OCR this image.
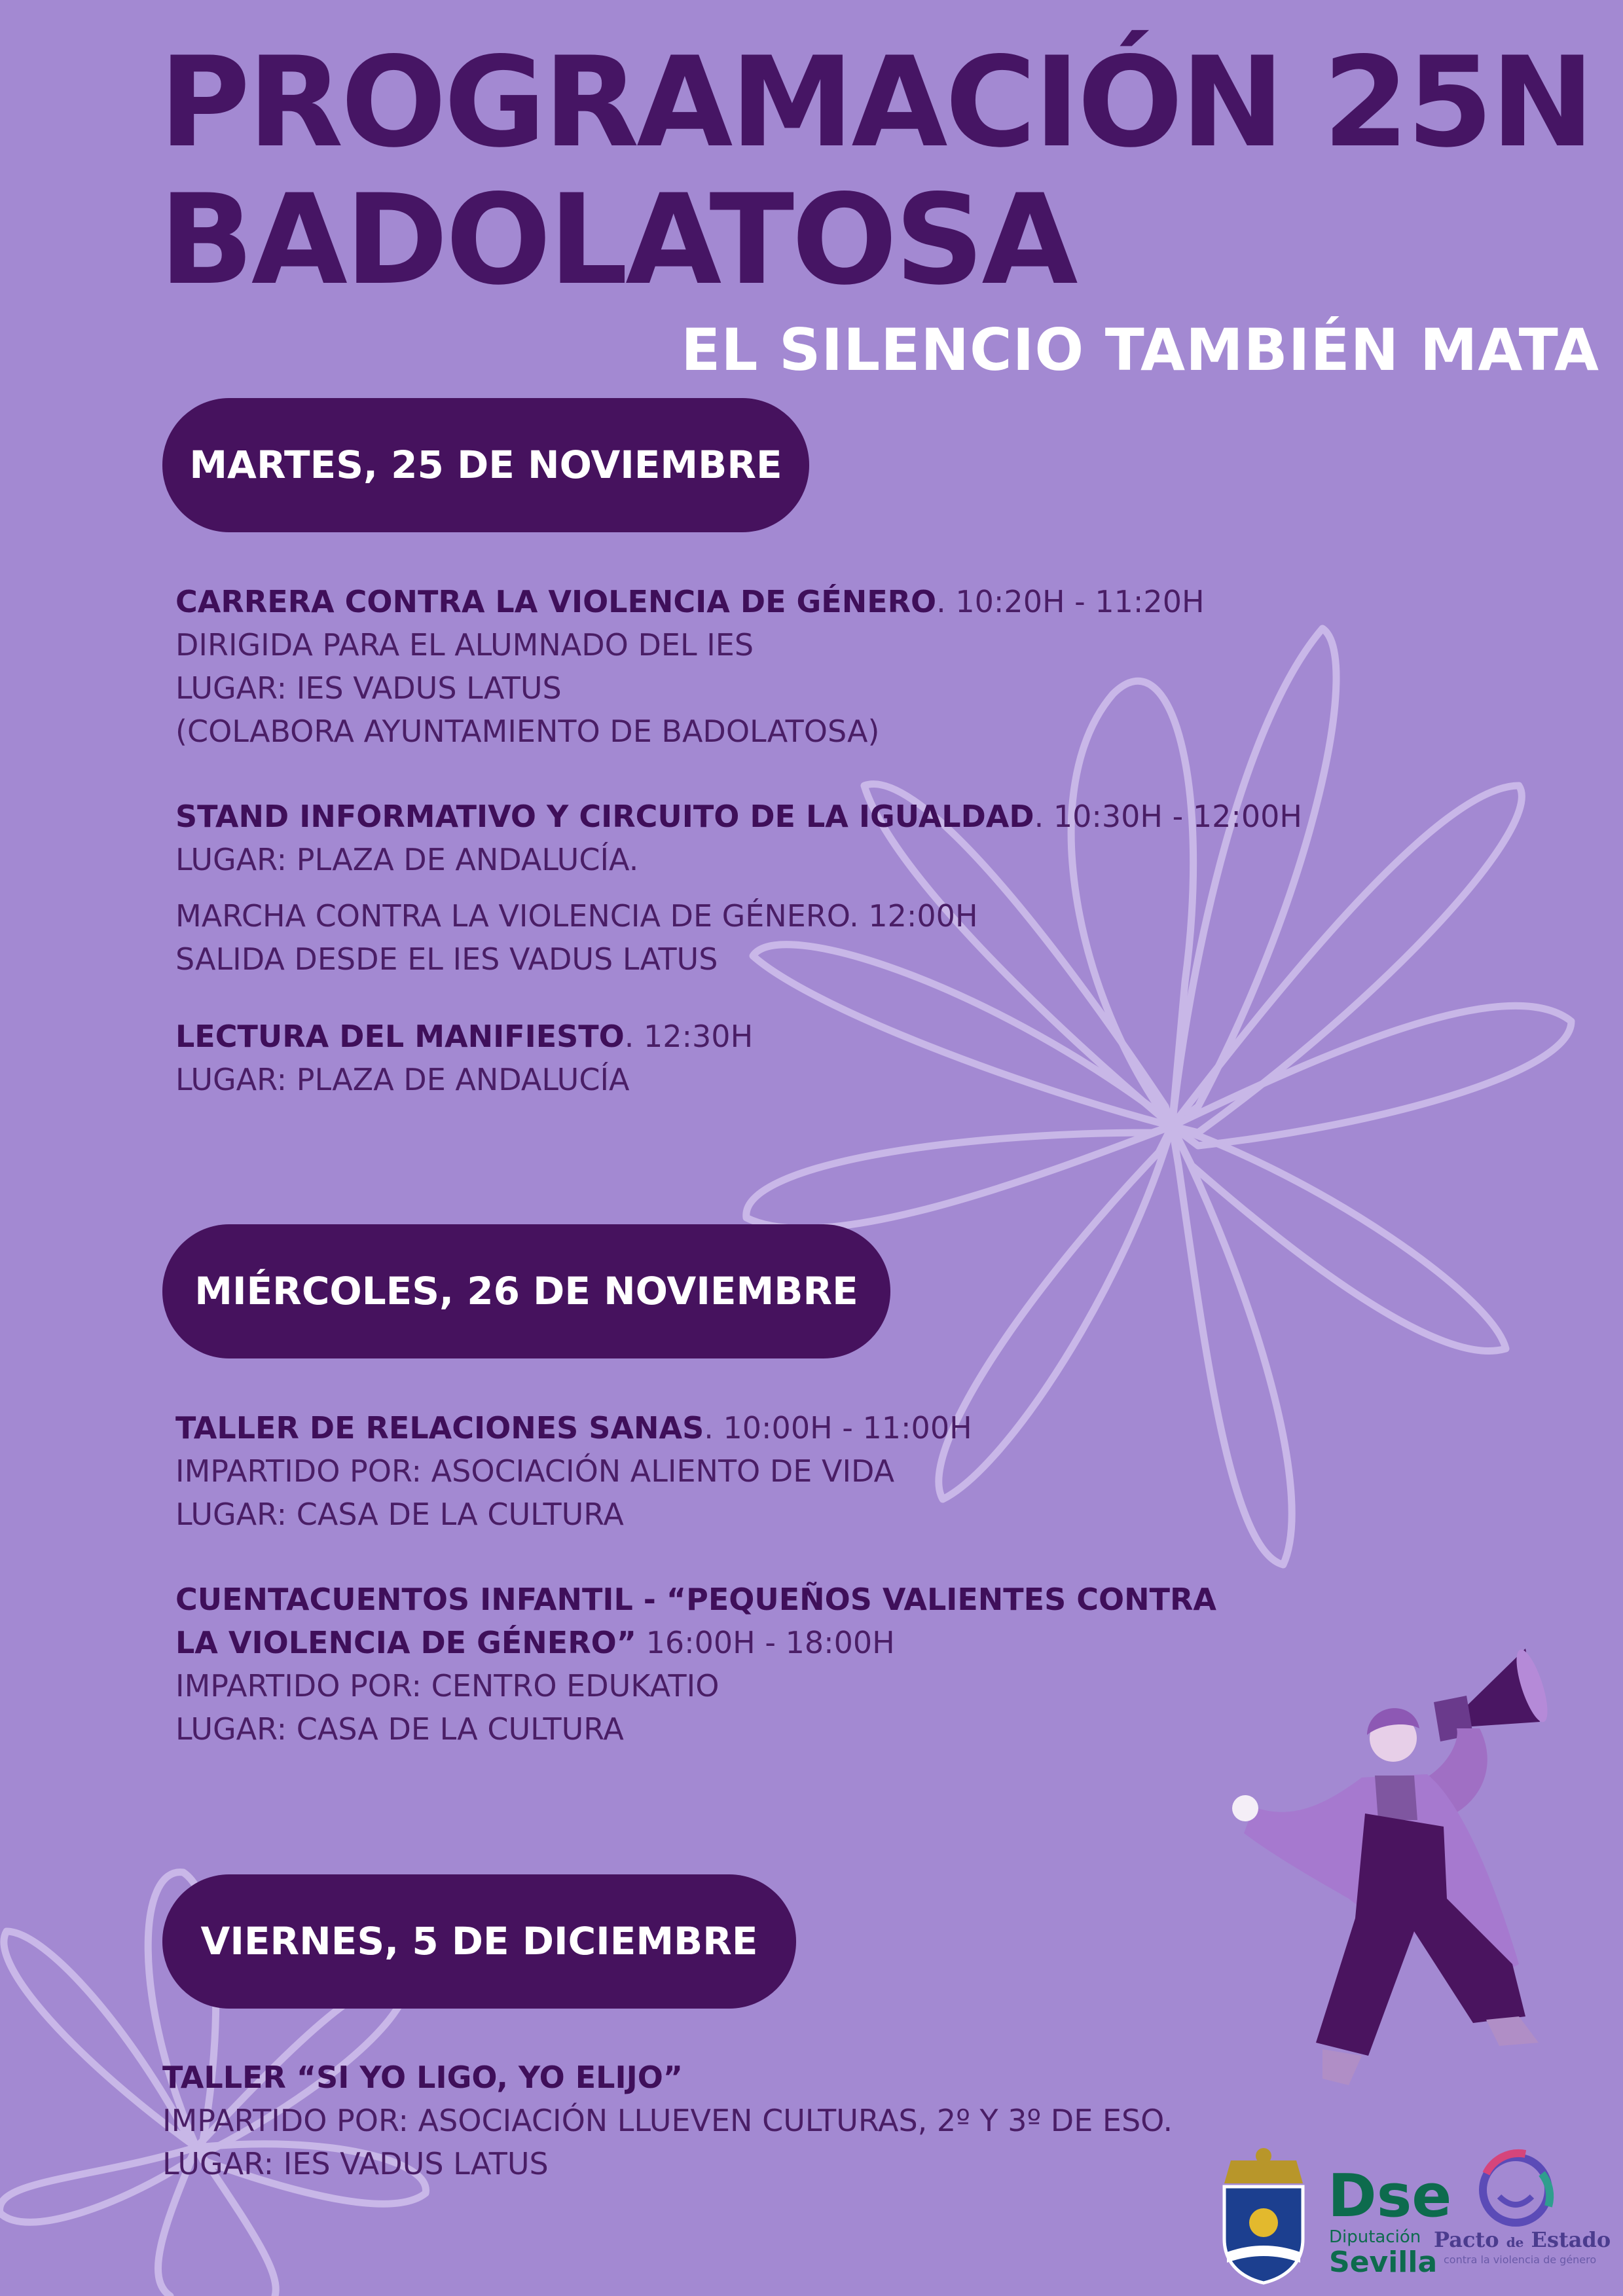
PROGRAMACIÓN 25N
BADOLATOSA
EL SILENCIO TAMBIÉN MATA
MARTES, 25 DE NOVIEMBRE
CARRERA CONTRA LA VIOLENCIA DE GÉNERO. 10:20H - 11:20H
DIRIGIDA PARA EL ALUMNADO DEL IES
LUGAR: IES VADUS LATUS
(COLABORA AYUNTAMIENTO DE BADOLATOSA)
STAND INFORMATIVO Y CIRCUITO DE LA IGUALDAD. 10:30H - 12:00H
LUGAR: PLAZA DE ANDALUCÍA.
MARCHA CONTRA LA VIOLENCIA DE GÉNERO. 12:00H
SALIDA DESDE EL IES VADUS LATUS
LECTURA DEL MANIFIESTO. 12:30H
LUGAR: PLAZA DE ANDALUCÍA
MIÉRCOLES, 26 DE NOVIEMBRE
TALLER DE RELACIONES SANAS. 10:00H - 11:00H
IMPARTIDO POR: ASOCIACIÓN ALIENTO DE VIDA
LUGAR: CASA DE LA CULTURA
CUENTACUENTOS INFANTIL - “PEQUEÑOS VALIENTES CONTRA
LA VIOLENCIA DE GÉNERO” 16:00H - 18:00H
IMPARTIDO POR: CENTRO EDUKATIO
LUGAR: CASA DE LA CULTURA
VIERNES, 5 DE DICIEMBRE
TALLER “SI YO LIGO, YO ELIJO”
IMPARTIDO POR: ASOCIACIÓN LLUEVEN CULTURAS, 2º Y 3º DE ESO.
LUGAR: IES VADUS LATUS	Dse
Diputación
Sevilla
Pacto de Estado
contra la violencia de género
